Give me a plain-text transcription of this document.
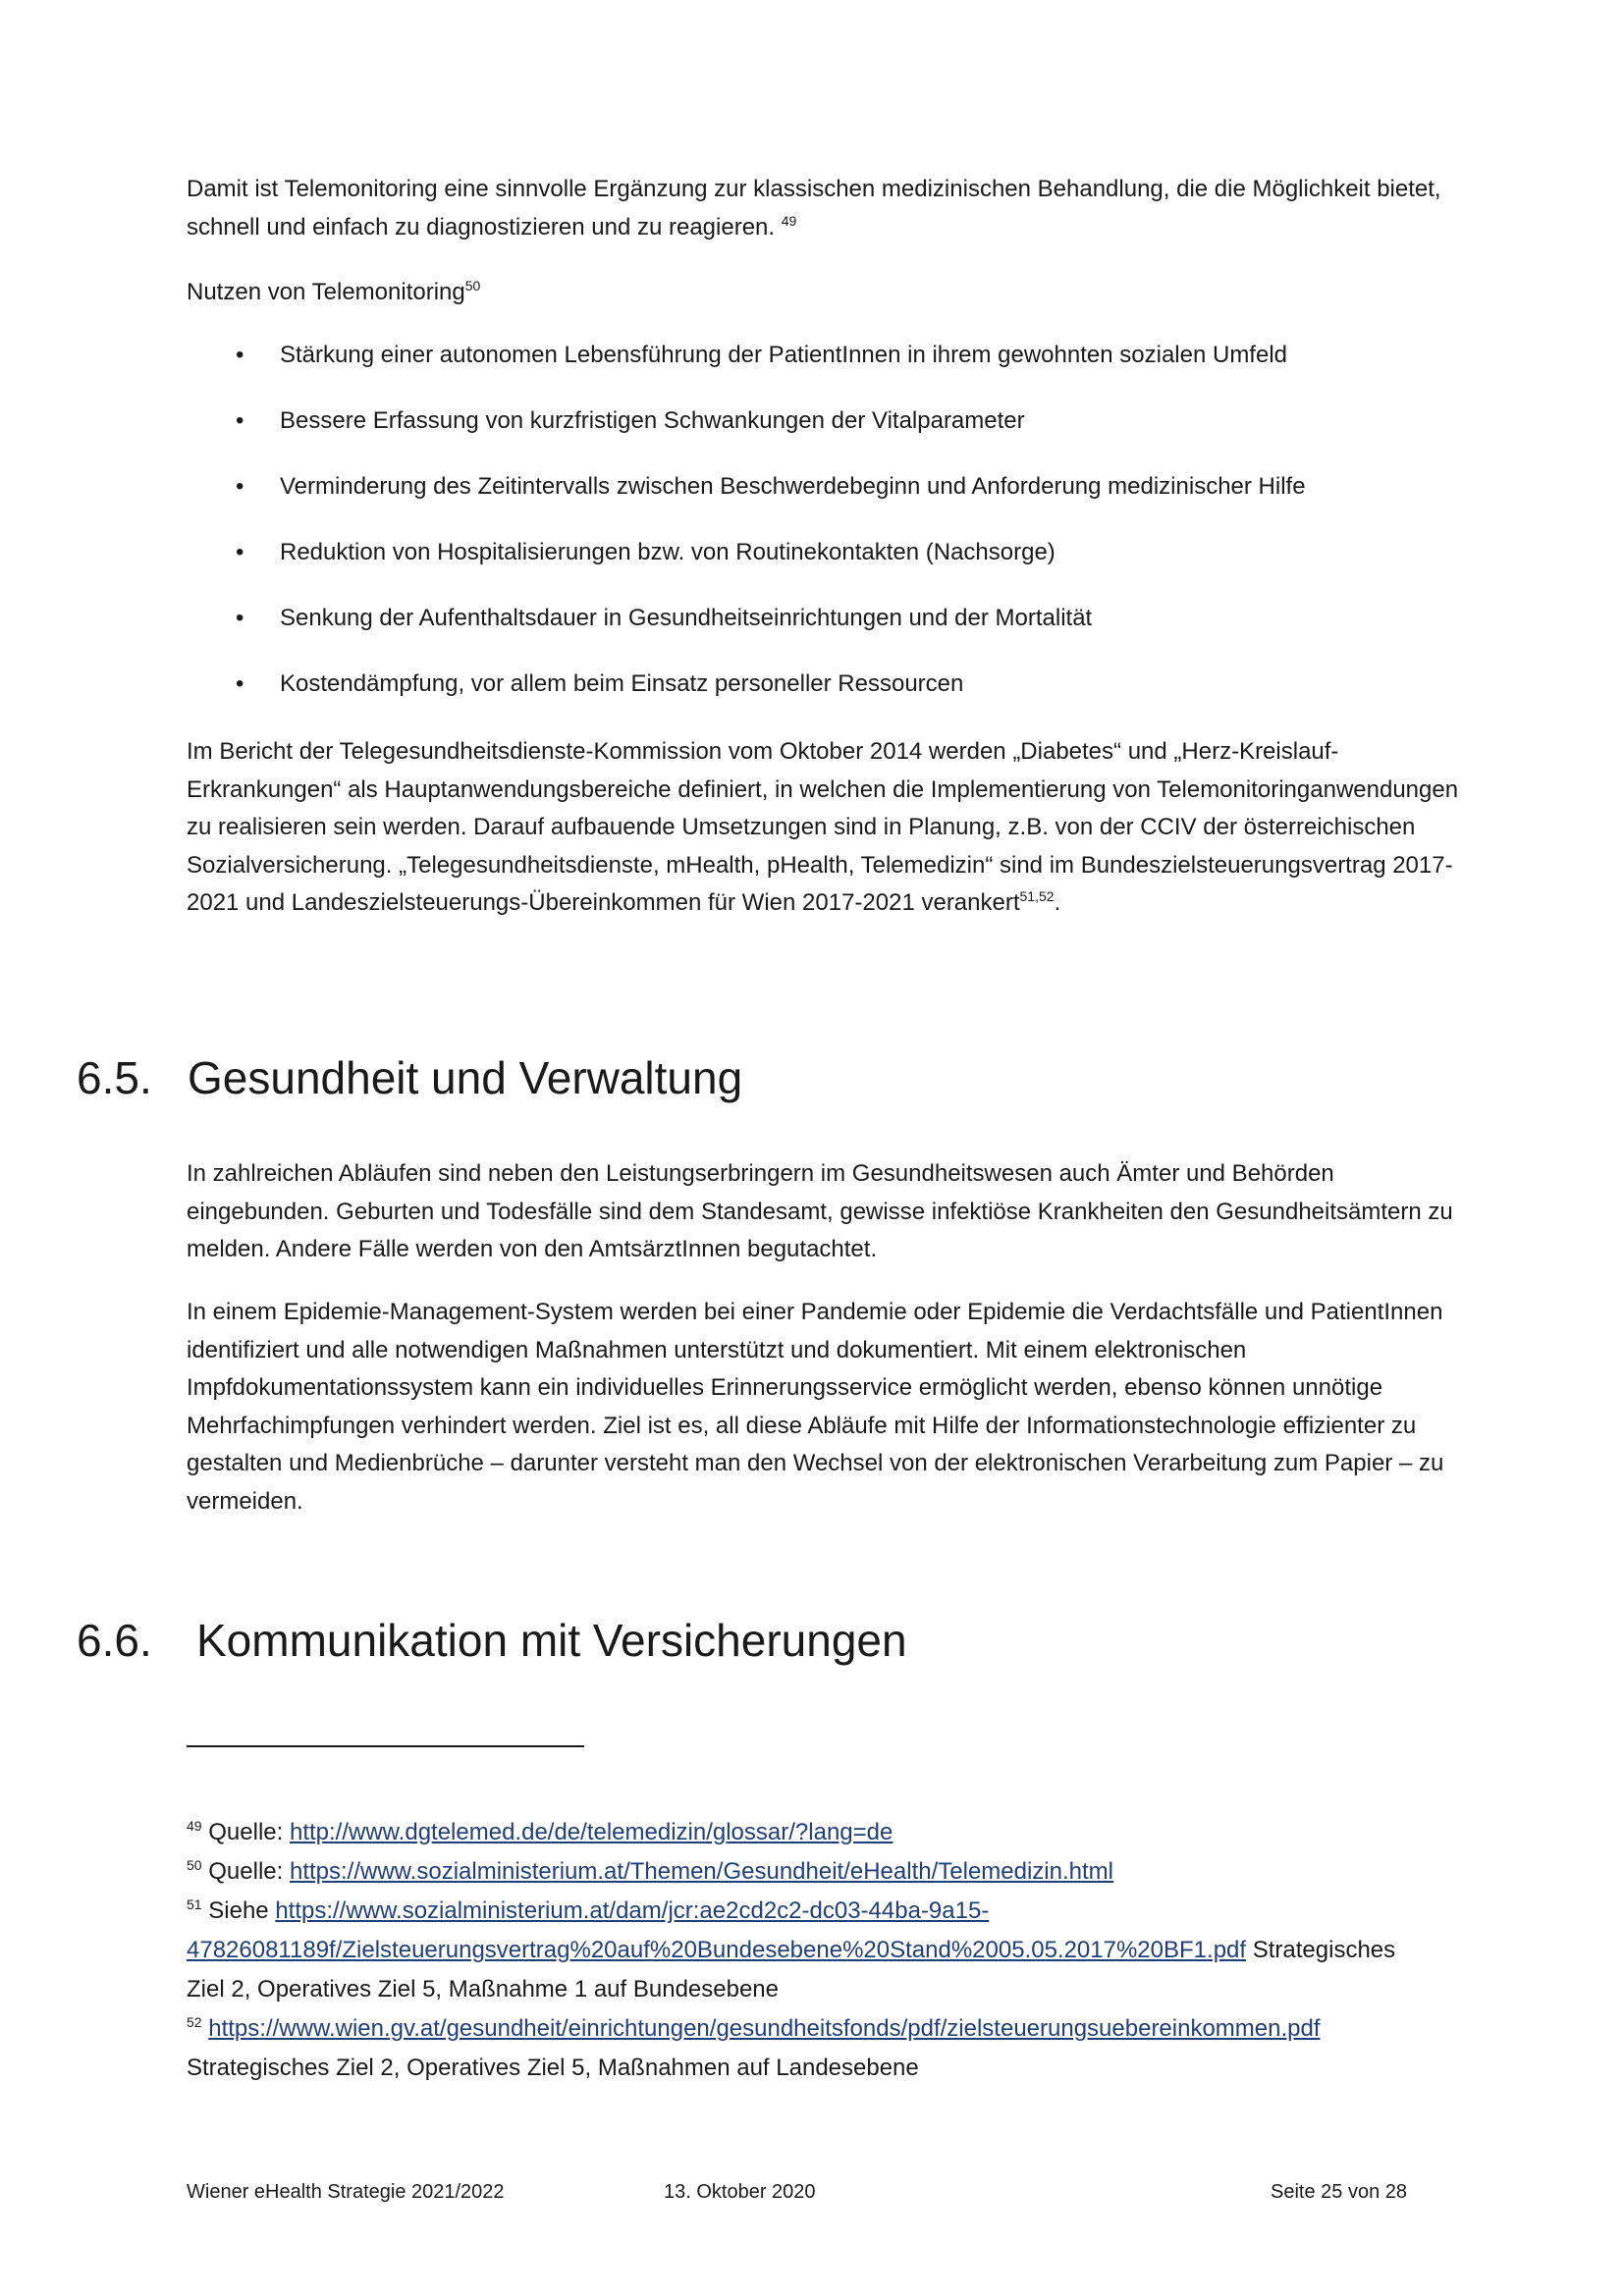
Damit ist Telemonitoring eine sinnvolle Ergänzung zur klassischen medizinischen Behandlung, die die Möglichkeit bietet, schnell und einfach zu diagnostizieren und zu reagieren. $^{49}$

Nutzen von Telemonitoring$^{50}$

•	Stärkung einer autonomen Lebensführung der PatientInnen in ihrem gewohnten sozialen Umfeld
•	Bessere Erfassung von kurzfristigen Schwankungen der Vitalparameter
•	Verminderung des Zeitintervalls zwischen Beschwerdebeginn und Anforderung medizinischer Hilfe
•	Reduktion von Hospitalisierungen bzw. von Routinekontakten (Nachsorge)
•	Senkung der Aufenthaltsdauer in Gesundheitseinrichtungen und der Mortalität
•	Kostendämpfung, vor allem beim Einsatz personeller Ressourcen

Im Bericht der Telegesundheitsdienste-Kommission vom Oktober 2014 werden „Diabetes“ und „Herz-Kreislauf-Erkrankungen“ als Hauptanwendungsbereiche definiert, in welchen die Implementierung von Telemonitoringanwendungen zu realisieren sein werden. Darauf aufbauende Umsetzungen sind in Planung, z.B. von der CCIV der österreichischen Sozialversicherung. „Telegesundheitsdienste, mHealth, pHealth, Telemedizin“ sind im Bundeszielsteuerungsvertrag 2017-2021 und Landeszielsteuerungs-Übereinkommen für Wien 2017-2021 verankert$^{51,52}$.

6.5. Gesundheit und Verwaltung

In zahlreichen Abläufen sind neben den Leistungserbringern im Gesundheitswesen auch Ämter und Behörden eingebunden. Geburten und Todesfälle sind dem Standesamt, gewisse infektiöse Krankheiten den Gesundheitsämtern zu melden. Andere Fälle werden von den AmtsärztInnen begutachtet.

In einem Epidemie-Management-System werden bei einer Pandemie oder Epidemie die Verdachtsfälle und PatientInnen identifiziert und alle notwendigen Maßnahmen unterstützt und dokumentiert. Mit einem elektronischen Impfdokumentationssystem kann ein individuelles Erinnerungsservice ermöglicht werden, ebenso können unnötige Mehrfachimpfungen verhindert werden. Ziel ist es, all diese Abläufe mit Hilfe der Informationstechnologie effizienter zu gestalten und Medienbrüche – darunter versteht man den Wechsel von der elektronischen Verarbeitung zum Papier – zu vermeiden.

6.6. Kommunikation mit Versicherungen

$^{49}$ Quelle: http://www.dgtelemed.de/de/telemedizin/glossar/?lang=de

$^{50}$ Quelle: https://www.sozialministerium.at/Themen/Gesundheit/eHealth/Telemedizin.html

$^{51}$ Siehe https://www.sozialministerium.at/dam/jcr:ae2cd2c2-dc03-44ba-9a15-
47826081189f/Zielsteuerungsvertrag%20auf%20Bundesebene%20Stand%2005.05.2017%20BF1.pdf Strategisches
Ziel 2, Operatives Ziel 5, Maßnahme 1 auf Bundesebene

$^{52}$ https://www.wien.gv.at/gesundheit/einrichtungen/gesundheitsfonds/pdf/zielsteuerungsuebereinkommen.pdf
Strategisches Ziel 2, Operatives Ziel 5, Maßnahmen auf Landesebene

Wiener eHealth Strategie 2021/2022	13. Oktober 2020	Seite 25 von 28
